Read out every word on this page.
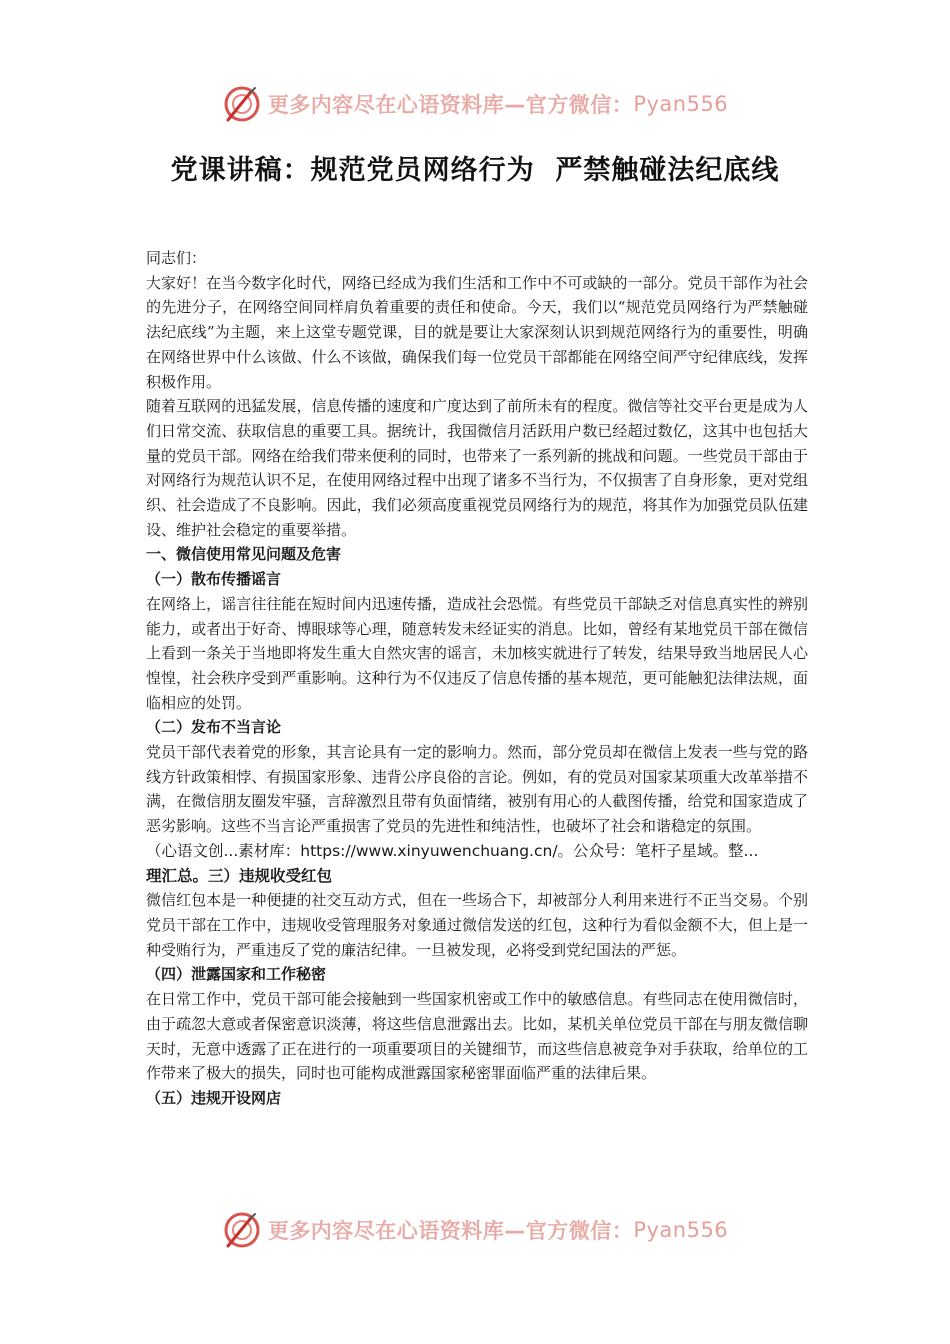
更多内容尽在心语资料库—官方微信： Pyan556
党课讲稿：规范党员网络行为  严禁触碰法纪底线

同志们：

大家好！在当今数字化时代，网络已经成为我们生活和工作中不可或缺的一部分。党员干部作为社会的先进分子，在网络空间同样肩负着重要的责任和使命。今天，我们以“规范党员网络行为严禁触碰法纪底线”为主题，来上这堂专题党课，目的就是要让大家深刻认识到规范网络行为的重要性，明确在网络世界中什么该做、什么不该做，确保我们每一位党员干部都能在网络空间严守纪律底线，发挥积极作用。

随着互联网的迅猛发展，信息传播的速度和广度达到了前所未有的程度。微信等社交平台更是成为人们日常交流、获取信息的重要工具。据统计，我国微信月活跃用户数已经超过数亿，这其中也包括大量的党员干部。网络在给我们带来便利的同时，也带来了一系列新的挑战和问题。一些党员干部由于对网络行为规范认识不足，在使用网络过程中出现了诸多不当行为，不仅损害了自身形象，更对党组织、社会造成了不良影响。因此，我们必须高度重视党员网络行为的规范，将其作为加强党员队伍建设、维护社会稳定的重要举措。

一、微信使用常见问题及危害
（一）散布传播谣言

在网络上，谣言往往能在短时间内迅速传播，造成社会恐慌。有些党员干部缺乏对信息真实性的辨别能力，或者出于好奇、博眼球等心理，随意转发未经证实的消息。比如，曾经有某地党员干部在微信上看到一条关于当地即将发生重大自然灾害的谣言，未加核实就进行了转发，结果导致当地居民人心惶惶，社会秩序受到严重影响。这种行为不仅违反了信息传播的基本规范，更可能触犯法律法规，面临相应的处罚。

（二）发布不当言论

党员干部代表着党的形象，其言论具有一定的影响力。然而，部分党员却在微信上发表一些与党的路线方针政策相悖、有损国家形象、违背公序良俗的言论。例如，有的党员对国家某项重大改革举措不满，在微信朋友圈发牢骚，言辞激烈且带有负面情绪，被别有用心的人截图传播，给党和国家造成了恶劣影响。这些不当言论严重损害了党员的先进性和纯洁性，也破坏了社会和谐稳定的氛围。

（心语文创...素材库：https://www.xinyuwenchuang.cn/。公众号：笔杆子星域。整...
理汇总。三）违规收受红包

微信红包本是一种便捷的社交互动方式，但在一些场合下，却被部分人利用来进行不正当交易。个别党员干部在工作中，违规收受管理服务对象通过微信发送的红包，这种行为看似金额不大，但上是一种受贿行为，严重违反了党的廉洁纪律。一旦被发现，必将受到党纪国法的严惩。

（四）泄露国家和工作秘密

在日常工作中，党员干部可能会接触到一些国家机密或工作中的敏感信息。有些同志在使用微信时，由于疏忽大意或者保密意识淡薄，将这些信息泄露出去。比如，某机关单位党员干部在与朋友微信聊天时，无意中透露了正在进行的一项重要项目的关键细节，而这些信息被竞争对手获取，给单位的工作带来了极大的损失，同时也可能构成泄露国家秘密罪面临严重的法律后果。

（五）违规开设网店
更多内容尽在心语资料库—官方微信： Pyan556
